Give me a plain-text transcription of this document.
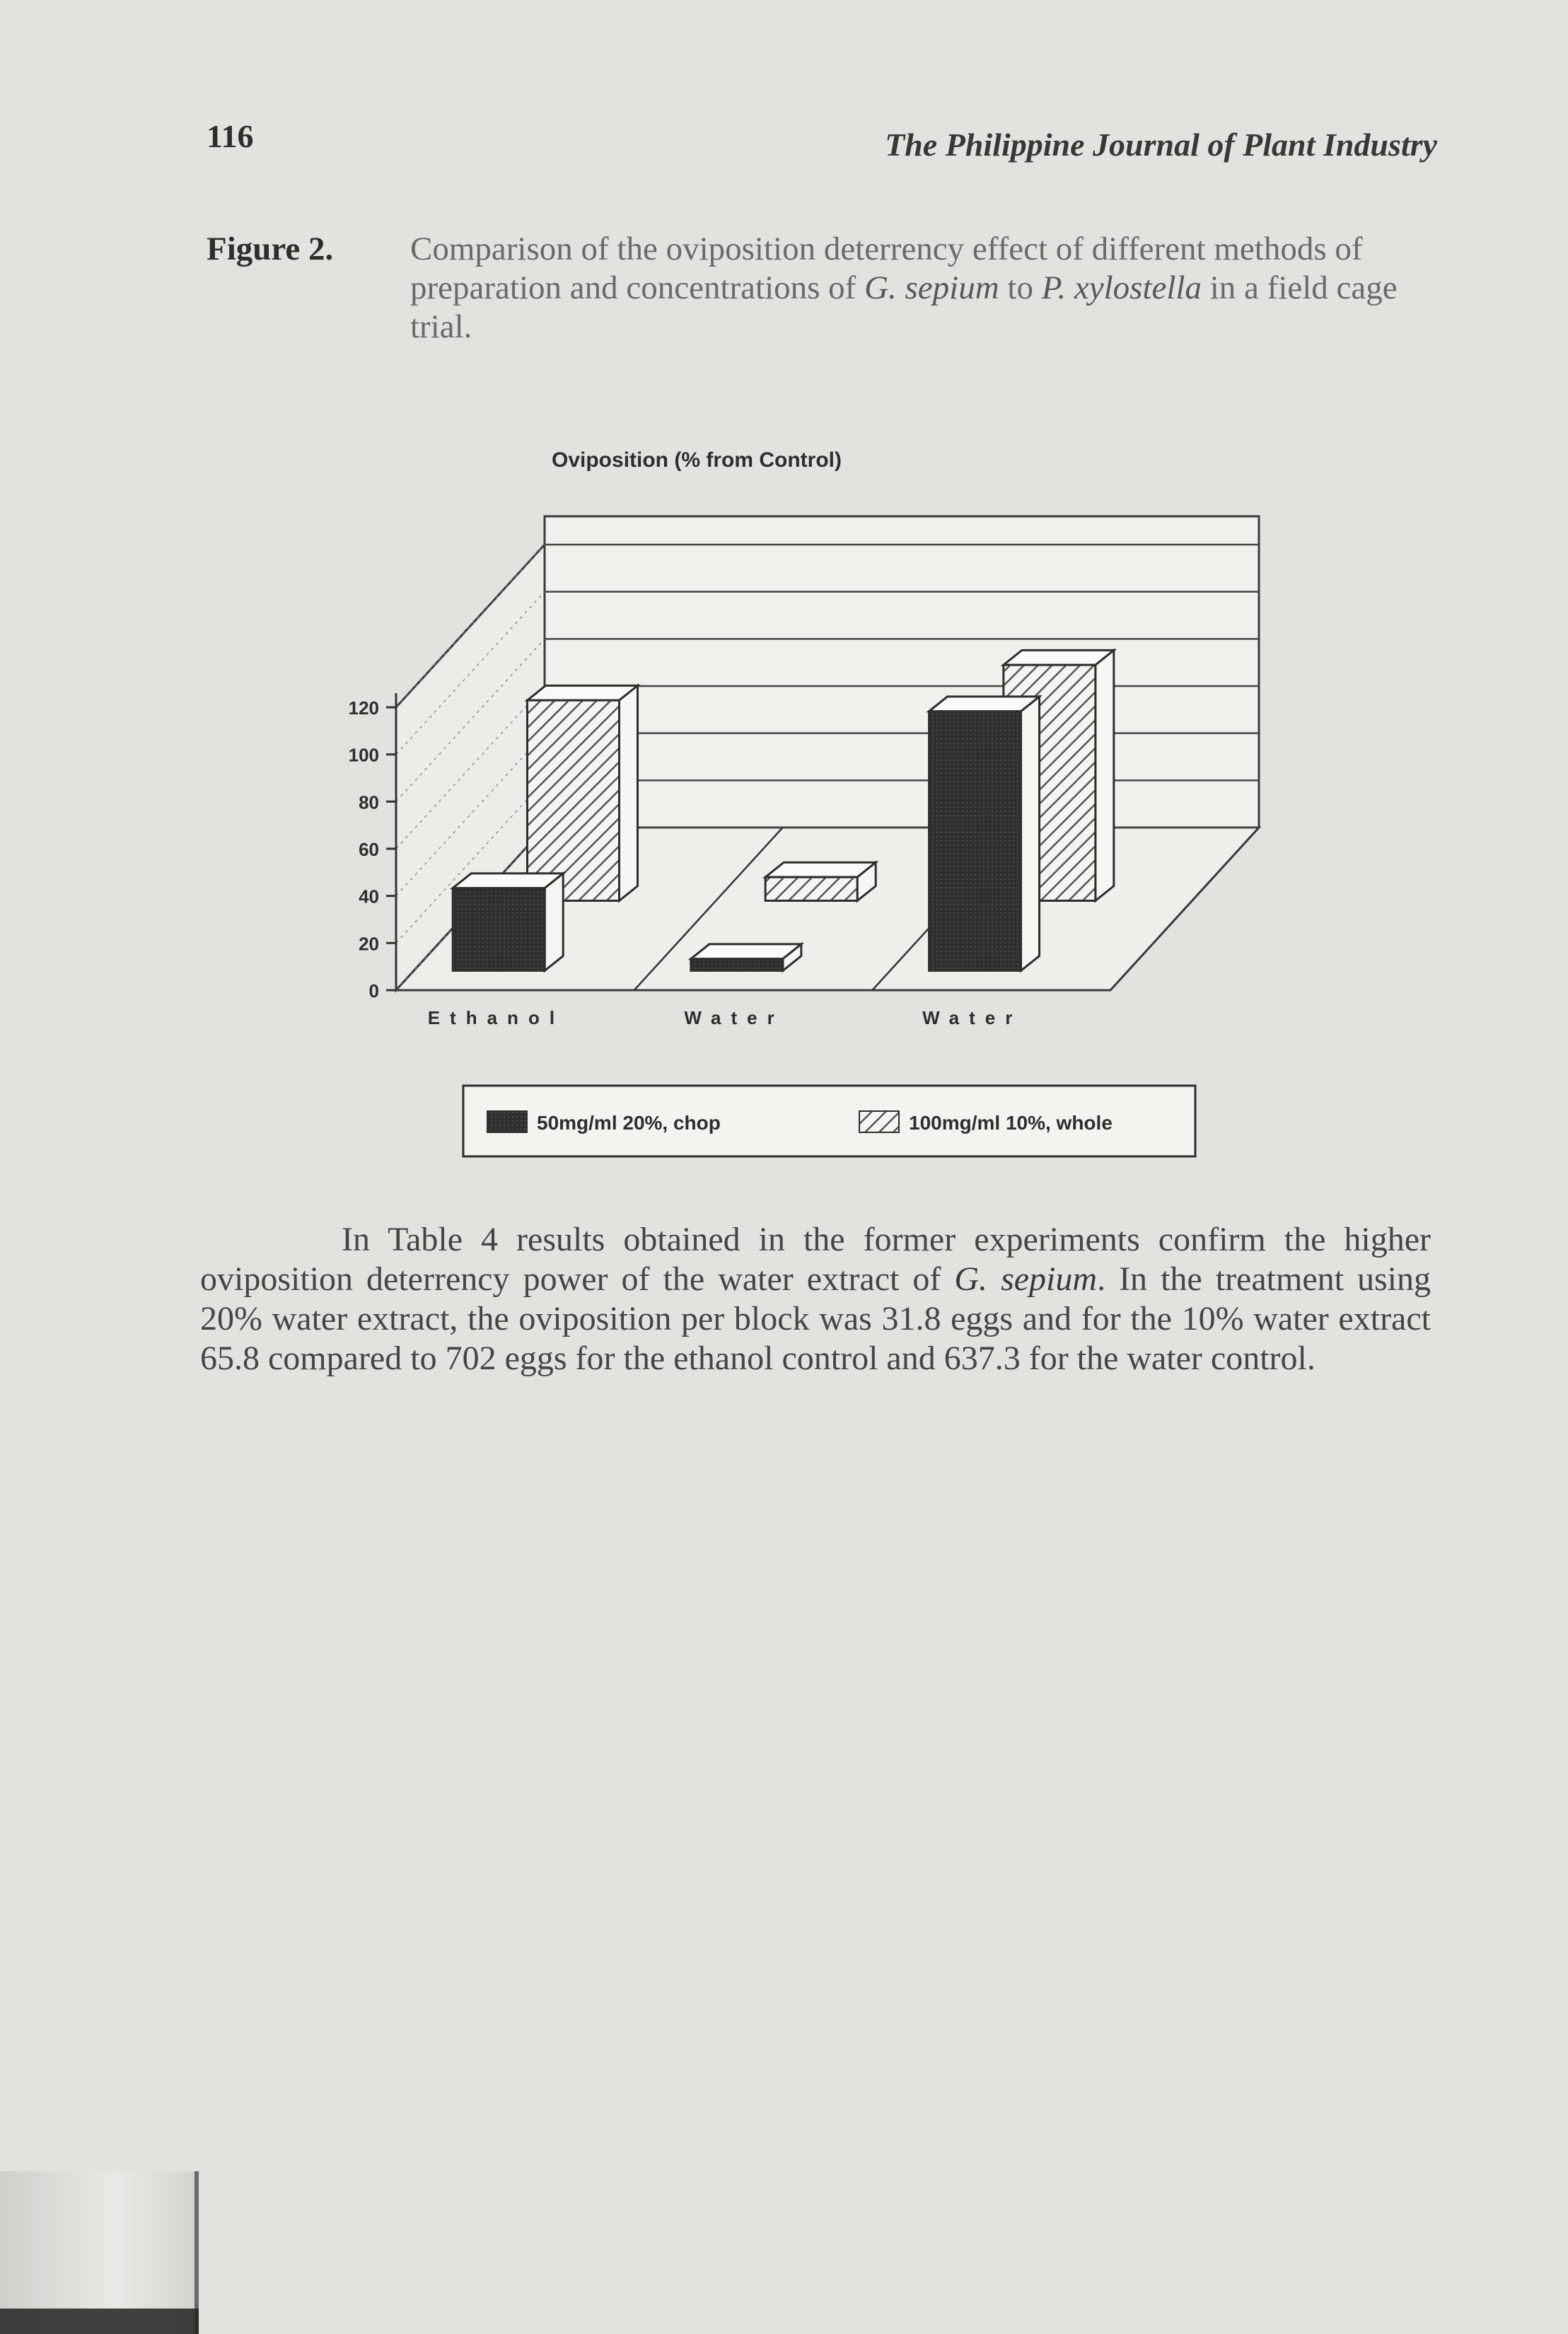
116	The Philippine Journal of Plant Industry
Figure 2. Comparison of the oviposition deterrency effect of different methods of preparation and concentrations of G. sepium to P. xylostella in a field cage trial.
0
20
40
60
80
100
120
Ethanol	Water	Water
Oviposition (% from Control)
50mg/ml 20%, chop	100mg/ml 10%, whole

In Table 4 results obtained in the former experiments confirm the higher oviposition deterrency power of the water extract of G. sepium. In the treatment using 20% water extract, the oviposition per block was 31.8 eggs and for the 10% water extract 65.8 compared to 702 eggs for the ethanol control and 637.3 for the water control.
